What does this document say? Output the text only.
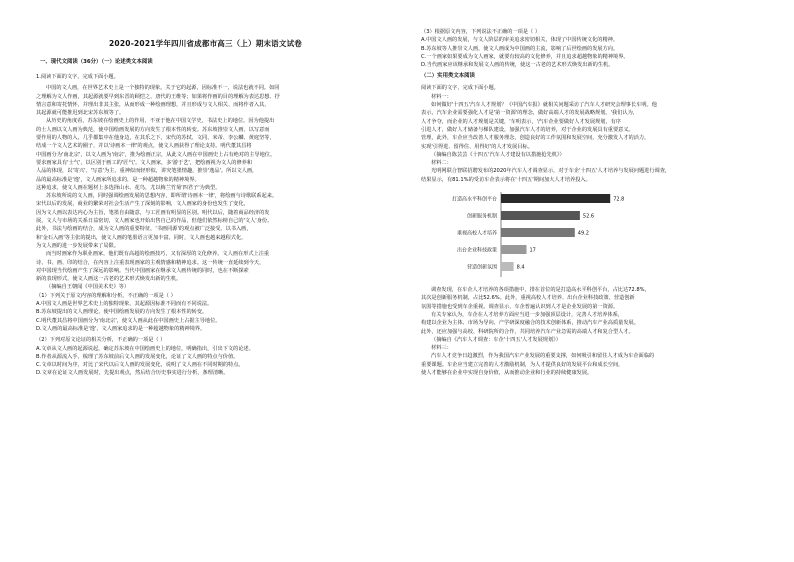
2020-2021学年四川省成都市高三（上）期末语文试卷

一、现代文阅读（36分）（一）论述类文本阅读

1.阅读下面的文字，完成下面小题。

中国的文人画，在世界艺术史上是一个独特的现象。关于它的起源，因标准不一，说法也就不同。如同

之理解为文人作画，其起源就要早到东晋的顾恺之、唐代的王维等；如果将作画的目的理解为表达思想、抒

情言意和寄托情怀，并理出非其主张，从而形成一种绘画理想，并且形成与文人相关、而将作者入其，

其起源就可能推迟到北宋苏东坡等了。

从历史的角度看，苏东坡在绘画史上的作用，不亚于他在中国文学史、书法史上的地位。因为他提出

的士人画以文人画为典范，使中国绘画发展的方向发生了根本性的转变。苏东坡推崇文人画、以写意而

要作用的人物的入，几乎都集中在他身边，在其乐之下，宋代的苏轼、文同、米芾、李公麟、黄庭坚等，

结成一个文人艺术的圈子，并以'诗画本一律'的观点，使文人画获得了理论支持。明代董其昌将

中国画分为'南北宗'，以文人画为'南宗'，推为绘画正宗，从此文人画在中国画史上占有绝对的主导地位。

要求画家具有'士气'，以区别于画工的'匠气'。文人画家，多'游于艺'，把绘画视为文人的修养和

人品的体现，以'寄兴'、'写意'为主，重神似而轻形似，讲究笔墨情趣，推崇'逸品'。所以文人画，

品的最高标准是'逸'，文人画家所追求的，是一种超越物象的精神境界。

这种追求，使文人画在题材上多选择山水、花鸟，尤以梅兰竹菊'四君子'为典型。

苏东坡所说的文人画，同时强调绘画发展的思想内容，即所谓'诗画本一律'，将绘画与诗歌联系起来。

宋代以后的发展，商业的繁荣对社会生活产生了深刻的影响，文人画家的身份也发生了变化，

因为文人画以表达内心为主旨，笔墨自由随意，与工匠画有明显的区别。明代以后，随着商品经济的发

展，文人与市场的关系日益密切，文人画家也开始出售自己的作品，但他们依然标榜自己的'文人'身份。

此外，书法与绘画的结合，成为文人画的重要特征，'书画同源'的观点被广泛接受。以书入画，

和'金石入画'等主张的提出，使文人画的笔墨语言更加丰富。同时，文人画也越来越程式化，

为文人画的进一步发展带来了局限。

而当时画家作为职业画家，他们既有高超的绘画技巧，又有深厚的文化修养。文人画在形式上注重

诗、书、画、印的结合，在内容上注重表现画家的主观情感和精神追求。这一传统一直延续到今天，

对中国现当代绘画产生了深远的影响。当代中国画家在继承文人画传统的同时，也在不断探索

新的表现形式，使文人画这一古老的艺术形式焕发出新的生机。

（摘编自王朝闻《中国美术史》等）

（1）下列关于原文内容的理解和分析，不正确的一项是（ ）

A.中国文人画是世界艺术史上的独特现象，其起源因标准不同而有不同说法。

B.苏东坡提出的文人画理论，使中国绘画发展的方向发生了根本性的转变。

C.明代董其昌将中国画分为'南北宗'，使文人画从此在中国画史上占据主导地位。

D.文人画的最高标准是'逸'，文人画家追求的是一种超越物象的精神境界。

（2）下列对原文论证的相关分析，不正确的一项是（ ）

A.文章从文人画的起源说起，确定苏东坡在中国绘画史上的地位，明确指出，引出下文的论述。

B.作者从源流入手，梳理了苏东坡前后文人画的发展变化，论证了文人画的特点与价值。

C.文章以时间为序，对比了宋代以后文人画的发展变化，说明了文人画在不同时期的特点。

D.文章在论证文人画发展时，先提出观点，然后结合历史事实进行分析，条理清晰。

（3）根据原文内容，下列说法不正确的一项是（ ）

A.中国文人画的发展，与文人阶层的审美追求密切相关，体现了中国传统文化的精神。

B.苏东坡等人推崇文人画，使文人画成为中国画的主流，影响了后世绘画的发展方向。

C.一个画家如果要成为文人画家，就要有较高的文化修养，并且追求超越物象的精神境界。

D.当代画家应该继承和发展文人画的传统，使这一古老的艺术形式焕发出新的生机。

（二）实用类文本阅读

阅读下面的文字，完成下面小题。

材料一：

如何做好'十四五'汽车人才规划？《中国汽车报》就相关问题采访了汽车人才研究会理事长车明。他

表示，汽车企业需要强化人才是'第一资源'的理念，做好高端人才的发展战略规划。'我们认为，

人才争夺，而企业的人才规划是关键，'车明表示，'汽车企业要做好人才发展规划，有序

引进人才，做好人才储备与梯队建设，加强汽车人才的培养，对于企业的发展具有重要意义。

管理，此外，车企应当改善人才服务理念，创造良好的工作氛围和发展空间，充分激发人才的活力，

实现'引得进、留得住、用得好'的人才发展目标。

（摘编自陈芸芸《十四五'汽车人才建设有以措施抢先机》）

材料二：

光明网联合智联招聘发布的2020年汽车人才调查显示，对于车企'十四五'人才培养与发展问题进行调查，

结果显示，有81.1%的受访车企表示将在'十四五'期间加大人才培养投入。

打造高水平科创平台	72.8
创新服务机制	52.6
重视高校人才培养	49.2
出台企业科技政策	17
营造创新氛围	8.4

调查发现，在车企人才培养的各项措施中，排在首位的是打造高水平科创平台，占比达72.8%，

其次是创新服务机制，占比52.6%。此外，重视高校人才培养、出台企业科技政策、营造创新

氛围等措施也受到车企重视。调查显示，车企普遍认识到人才是企业发展的第一资源。

有关专家认为，车企在人才培养方面应当进一步加强顶层设计，完善人才培养体系，

构建以企业为主体、市场为导向、产学研深度融合的技术创新体系，推动汽车产业高质量发展。

此外，还应加强与高校、科研院所的合作，共同培养汽车产业急需的高端人才和复合型人才。

（摘编自《汽车人才调查：车企'十四五'人才发展规划》）

材料三：

汽车人才竞争日趋激烈，作为我国汽车产业发展的重要支撑，如何吸引和留住人才成为车企面临的

重要课题。车企应当建立完善的人才激励机制，为人才提供良好的发展平台和成长空间，

使人才能够在企业中实现自身价值，从而推动企业和行业的持续健康发展。
